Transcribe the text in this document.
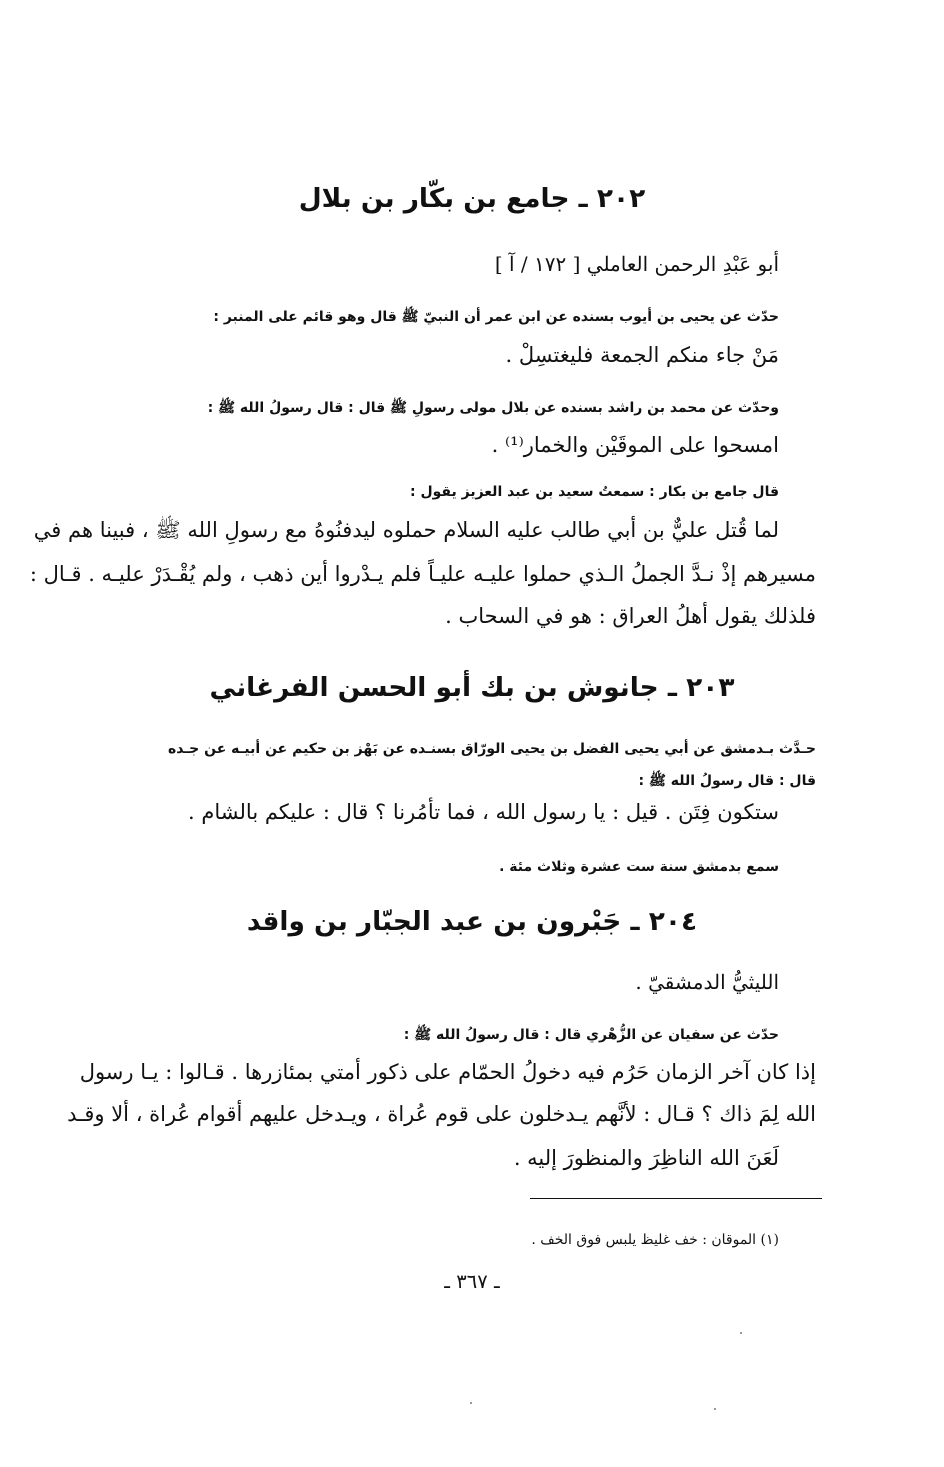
٢٠٢ ـ جامع بن بكّار بن بلال
أبو عَبْدِ الرحمن العاملي [ ١٧٢ / آ ]
حدّث عن يحيى بن أيوب بسنده عن ابن عمر أن النبيّ ﷺ قال وهو قائم على المنبر :
مَنْ جاء منكم الجمعة فليغتسِلْ .
وحدّث عن محمد بن راشد بسنده عن بلال مولى رسولِ ﷺ قال : قال رسولُ الله ﷺ :
امسحوا على الموقَيْن والخمار⁽¹⁾ .
قال جامع بن بكار : سمعتُ سعيد بن عبد العزيز يقول :
لما قُتل عليٌّ بن أبي طالب عليه السلام حملوه ليدفنُوهُ مع رسولِ الله ﷺ ، فبينا هم في
مسيرهم إذْ نـدَّ الجملُ الـذي حملوا عليـه عليـاً فلم يـدْروا أين ذهب ، ولم يُقْـدَرْ عليـه . قـال :
فلذلك يقول أهلُ العراق : هو في السحاب .
٢٠٣ ـ جانوش بن بك أبو الحسن الفرغاني
حـدَّث بـدمشق عن أبي يحيى الفضل بن يحيى الورّاق بسنـده عن بَهْز بن حكيم عن أبيـه عن جـده
قال : قال رسولُ الله ﷺ :
ستكون فِتَن . قيل : يا رسول الله ، فما تأمُرنا ؟ قال : عليكم بالشام .
سمع بدمشق سنة ست عشرة وثلاث مئة .
٢٠٤ ـ جَبْرون بن عبد الجبّار بن واقد
الليثيُّ الدمشقيّ .
حدّث عن سفيان عن الزُّهْري قال : قال رسولُ الله ﷺ :
إذا كان آخر الزمان حَرُم فيه دخولُ الحمّام على ذكور أمتي بمئازرها . قـالوا : يـا رسول
الله لِمَ ذاك ؟ قـال : لأنَّهم يـدخلون على قوم عُراة ، ويـدخل عليهم أقوام عُراة ، ألا وقـد
لَعَنَ الله الناظِرَ والمنظورَ إليه .
(١) الموقان : خف غليظ يلبس فوق الخف .
ـ ٣٦٧ ـ
